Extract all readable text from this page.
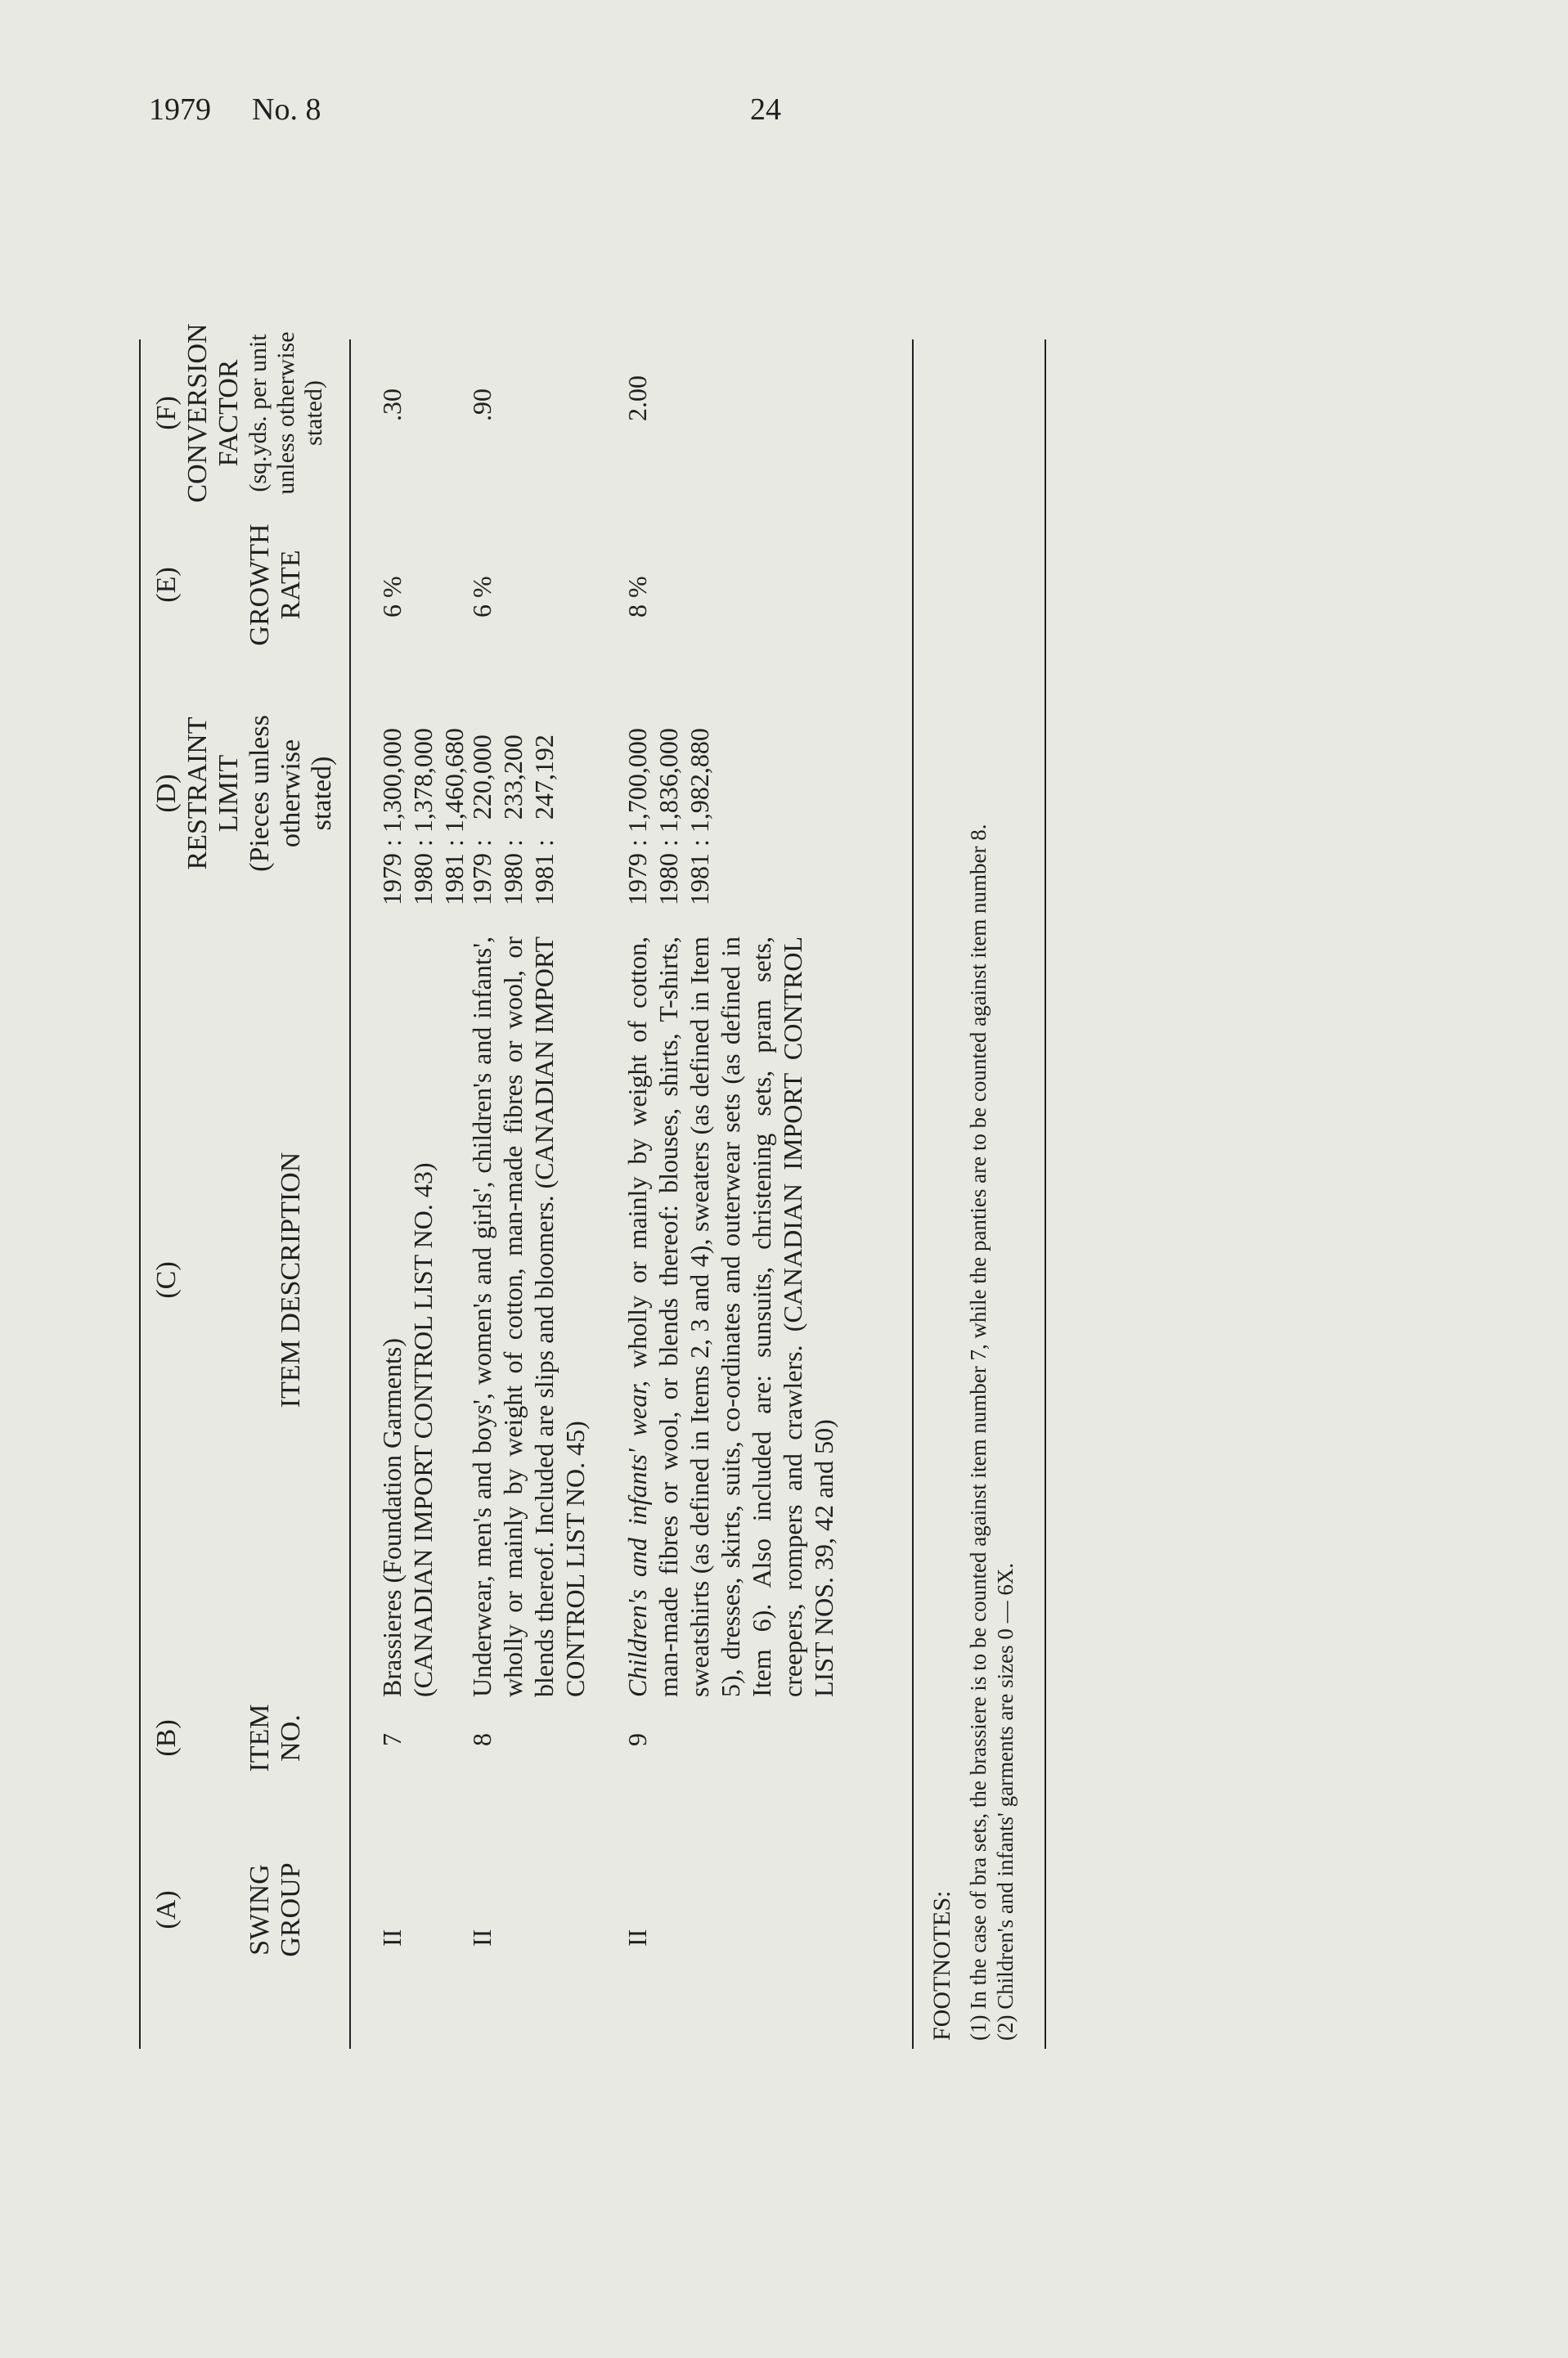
1979 No. 8	24
(A) SWING
GROUP
(B) ITEM
NO.
(C)	ITEM DESCRIPTION
(D) RESTRAINT
LIMIT (Pieces unless
otherwise
stated)
(E) GROWTH
RATE
(F) CONVERSION
FACTOR (sq.yds. per unit
unless otherwise
stated)
II
7
Brassieres (Foundation Garments)
(CANADIAN IMPORT CONTROL LIST NO. 43)
1979 : 1,300,000 1980 : 1,378,000 1981 : 1,460,680
6 %
.30
II
8
Underwear, men's and boys', women's and girls', children's and infants', wholly or mainly by weight of cotton, man-made fibres or wool, or blends thereof. Included are slips and bloomers. (CANADIAN IMPORT CONTROL LIST NO. 45)
1979 :   220,000 1980 :   233,200 1981 :   247,192
6 %
.90
II
9
Children's and infants' wear, wholly or mainly by weight of cotton, man-made fibres or wool, or blends thereof: blouses, shirts, T-shirts, sweatshirts (as defined in Items 2, 3 and 4), sweaters (as defined in Item 5), dresses, skirts, suits, co-ordinates and outerwear sets (as defined in Item 6). Also included are: sunsuits, christening sets, pram sets, creepers, rompers and crawlers. (CANADIAN IMPORT CONTROL LIST NOS. 39, 42 and 50)
1979 : 1,700,000 1980 : 1,836,000 1981 : 1,982,880
8 %
2.00
FOOTNOTES: (1) In the case of bra sets, the brassiere is to be counted against item number 7, while the panties are to be counted against item number 8. (2) Children's and infants' garments are sizes 0 — 6X.
